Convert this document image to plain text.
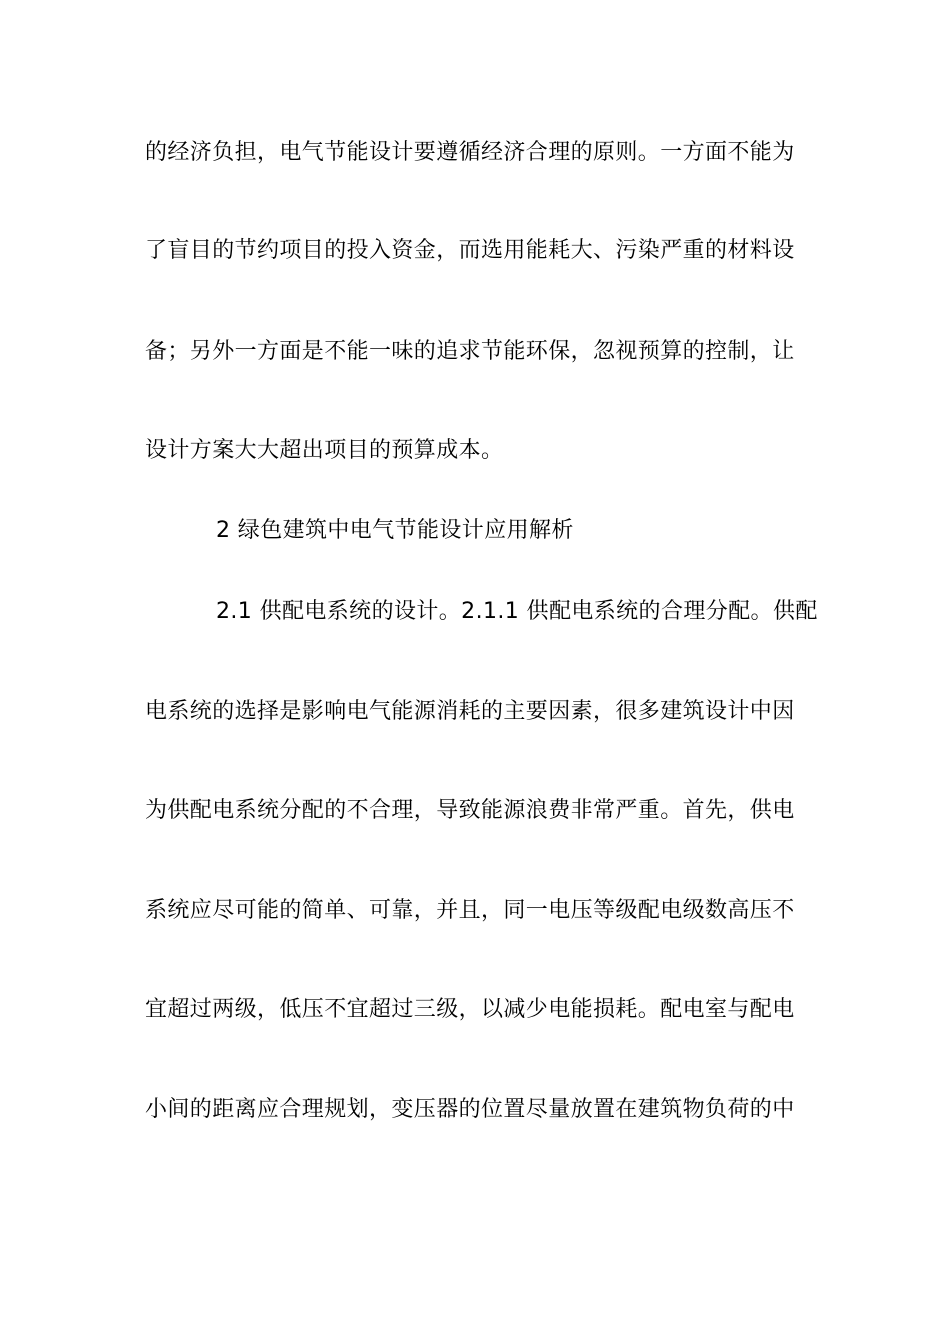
的经济负担，电气节能设计要遵循经济合理的原则。一方面不能为
了盲目的节约项目的投入资金，而选用能耗大、污染严重的材料设
备；另外一方面是不能一味的追求节能环保，忽视预算的控制，让
设计方案大大超出项目的预算成本。
2 绿色建筑中电气节能设计应用解析
2.1 供配电系统的设计。2.1.1 供配电系统的合理分配。供配
电系统的选择是影响电气能源消耗的主要因素，很多建筑设计中因
为供配电系统分配的不合理，导致能源浪费非常严重。首先，供电
系统应尽可能的简单、可靠，并且，同一电压等级配电级数高压不
宜超过两级，低压不宜超过三级，以减少电能损耗。配电室与配电
小间的距离应合理规划，变压器的位置尽量放置在建筑物负荷的中
